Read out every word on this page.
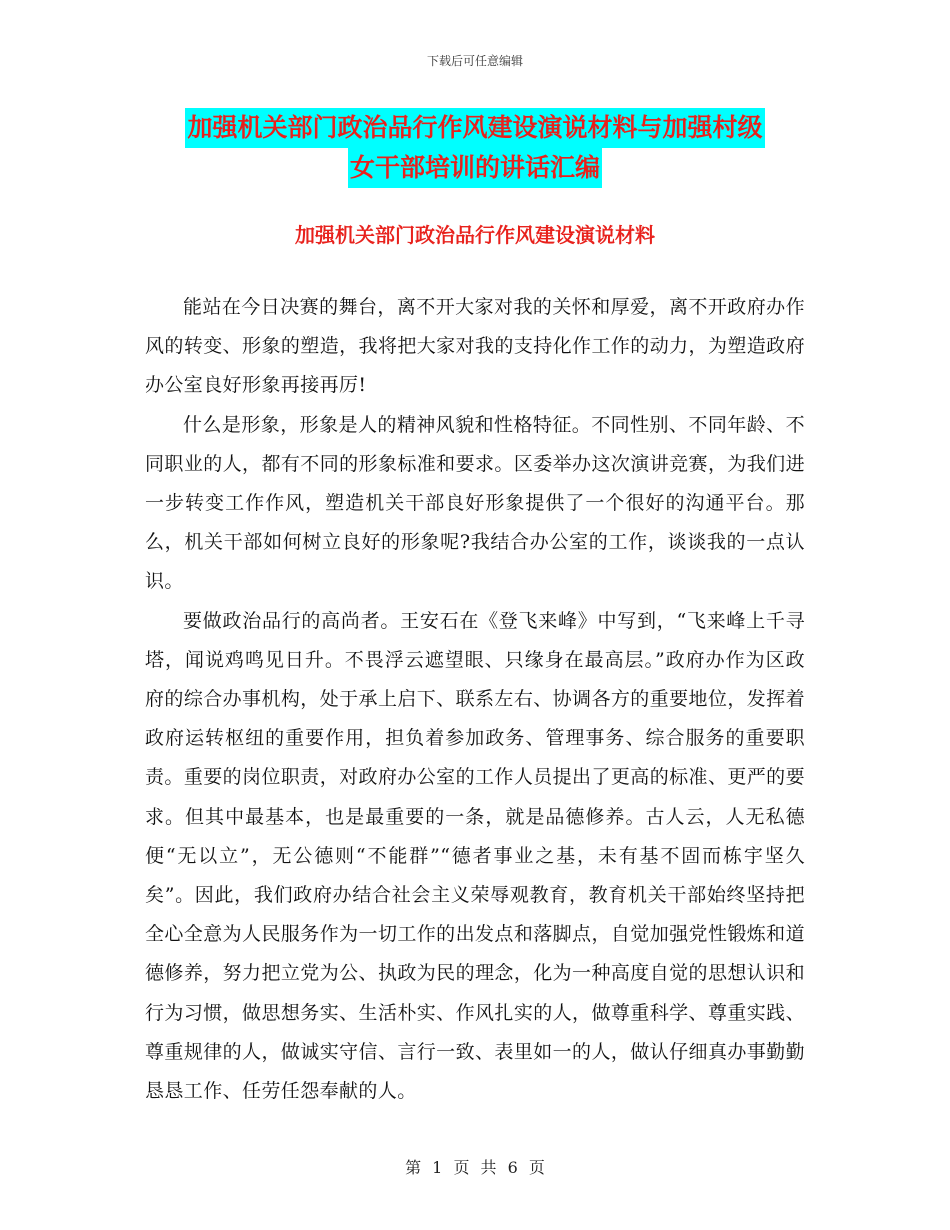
下载后可任意编辑
加强机关部门政治品行作风建设演说材料与加强村级
女干部培训的讲话汇编
加强机关部门政治品行作风建设演说材料

能站在今日决赛的舞台，离不开大家对我的关怀和厚爱，离不开政府办作风的转变、形象的塑造，我将把大家对我的支持化作工作的动力，为塑造政府办公室良好形象再接再厉!

什么是形象，形象是人的精神风貌和性格特征。不同性别、不同年龄、不同职业的人，都有不同的形象标准和要求。区委举办这次演讲竞赛，为我们进一步转变工作作风，塑造机关干部良好形象提供了一个很好的沟通平台。那么，机关干部如何树立良好的形象呢?我结合办公室的工作，谈谈我的一点认识。

要做政治品行的高尚者。王安石在《登飞来峰》中写到，“飞来峰上千寻塔，闻说鸡鸣见日升。不畏浮云遮望眼、只缘身在最高层。”政府办作为区政府的综合办事机构，处于承上启下、联系左右、协调各方的重要地位，发挥着政府运转枢纽的重要作用，担负着参加政务、管理事务、综合服务的重要职责。重要的岗位职责，对政府办公室的工作人员提出了更高的标准、更严的要求。但其中最基本，也是最重要的一条，就是品德修养。古人云，人无私德便“无以立”，无公德则“不能群”“德者事业之基，未有基不固而栋宇坚久矣”。因此，我们政府办结合社会主义荣辱观教育，教育机关干部始终坚持把全心全意为人民服务作为一切工作的出发点和落脚点，自觉加强党性锻炼和道德修养，努力把立党为公、执政为民的理念，化为一种高度自觉的思想认识和行为习惯，做思想务实、生活朴实、作风扎实的人，做尊重科学、尊重实践、尊重规律的人，做诚实守信、言行一致、表里如一的人，做认仔细真办事勤勤恳恳工作、任劳任怨奉献的人。

第 1 页 共 6 页
